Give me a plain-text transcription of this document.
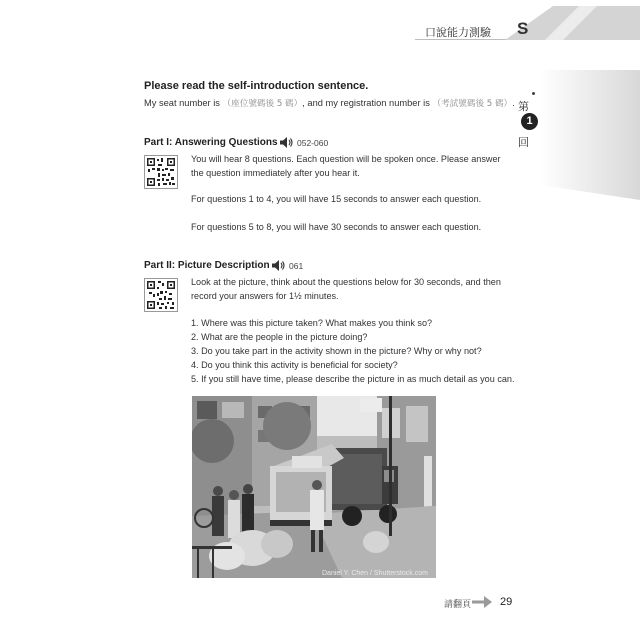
口說能力測驗 S
第
1
回
Please read the self-introduction sentence.
My seat number is （座位號碼後 5 碼）, and my registration number is （考試號碼後 5 碼）.
Part I: Answering Questions 052-060
You will hear 8 questions. Each question will be spoken once. Please answer
the question immediately after you hear it.
For questions 1 to 4, you will have 15 seconds to answer each question.
For questions 5 to 8, you will have 30 seconds to answer each question.
Part II: Picture Description 061
Look at the picture, think about the questions below for 30 seconds, and then
record your answers for 1½ minutes.
1. Where was this picture taken? What makes you think so?
2. What are the people in the picture doing?
3. Do you take part in the activity shown in the picture? Why or why not?
4. Do you think this activity is beneficial for society?
5. If you still have time, please describe the picture in as much detail as you can.
Daniel Y. Chen / Shutterstock.com
請翻頁	29
